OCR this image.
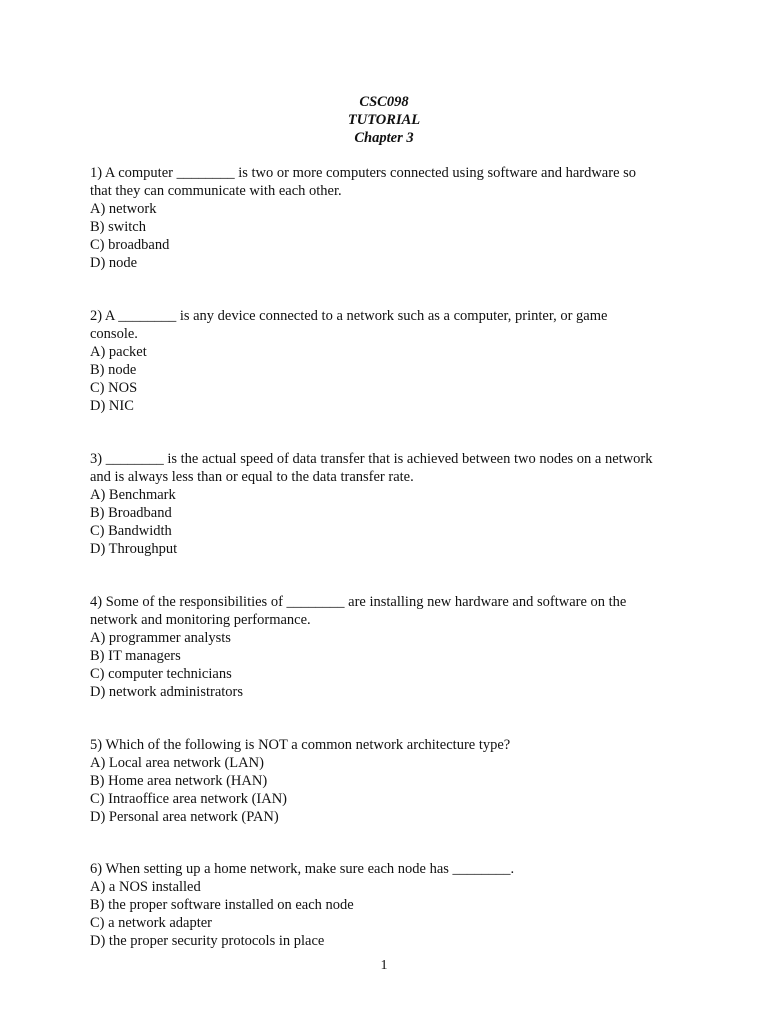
CSC098
TUTORIAL
Chapter 3
1) A computer ________ is two or more computers connected using software and hardware so
that they can communicate with each other.
A) network
B) switch
C) broadband
D) node
2) A ________ is any device connected to a network such as a computer, printer, or game
console.
A) packet
B) node
C) NOS
D) NIC
3) ________ is the actual speed of data transfer that is achieved between two nodes on a network
and is always less than or equal to the data transfer rate.
A) Benchmark
B) Broadband
C) Bandwidth
D) Throughput
4) Some of the responsibilities of ________ are installing new hardware and software on the
network and monitoring performance.
A) programmer analysts
B) IT managers
C) computer technicians
D) network administrators
5) Which of the following is NOT a common network architecture type?
A) Local area network (LAN)
B) Home area network (HAN)
C) Intraoffice area network (IAN)
D) Personal area network (PAN)
6) When setting up a home network, make sure each node has ________.
A) a NOS installed
B) the proper software installed on each node
C) a network adapter
D) the proper security protocols in place
1
